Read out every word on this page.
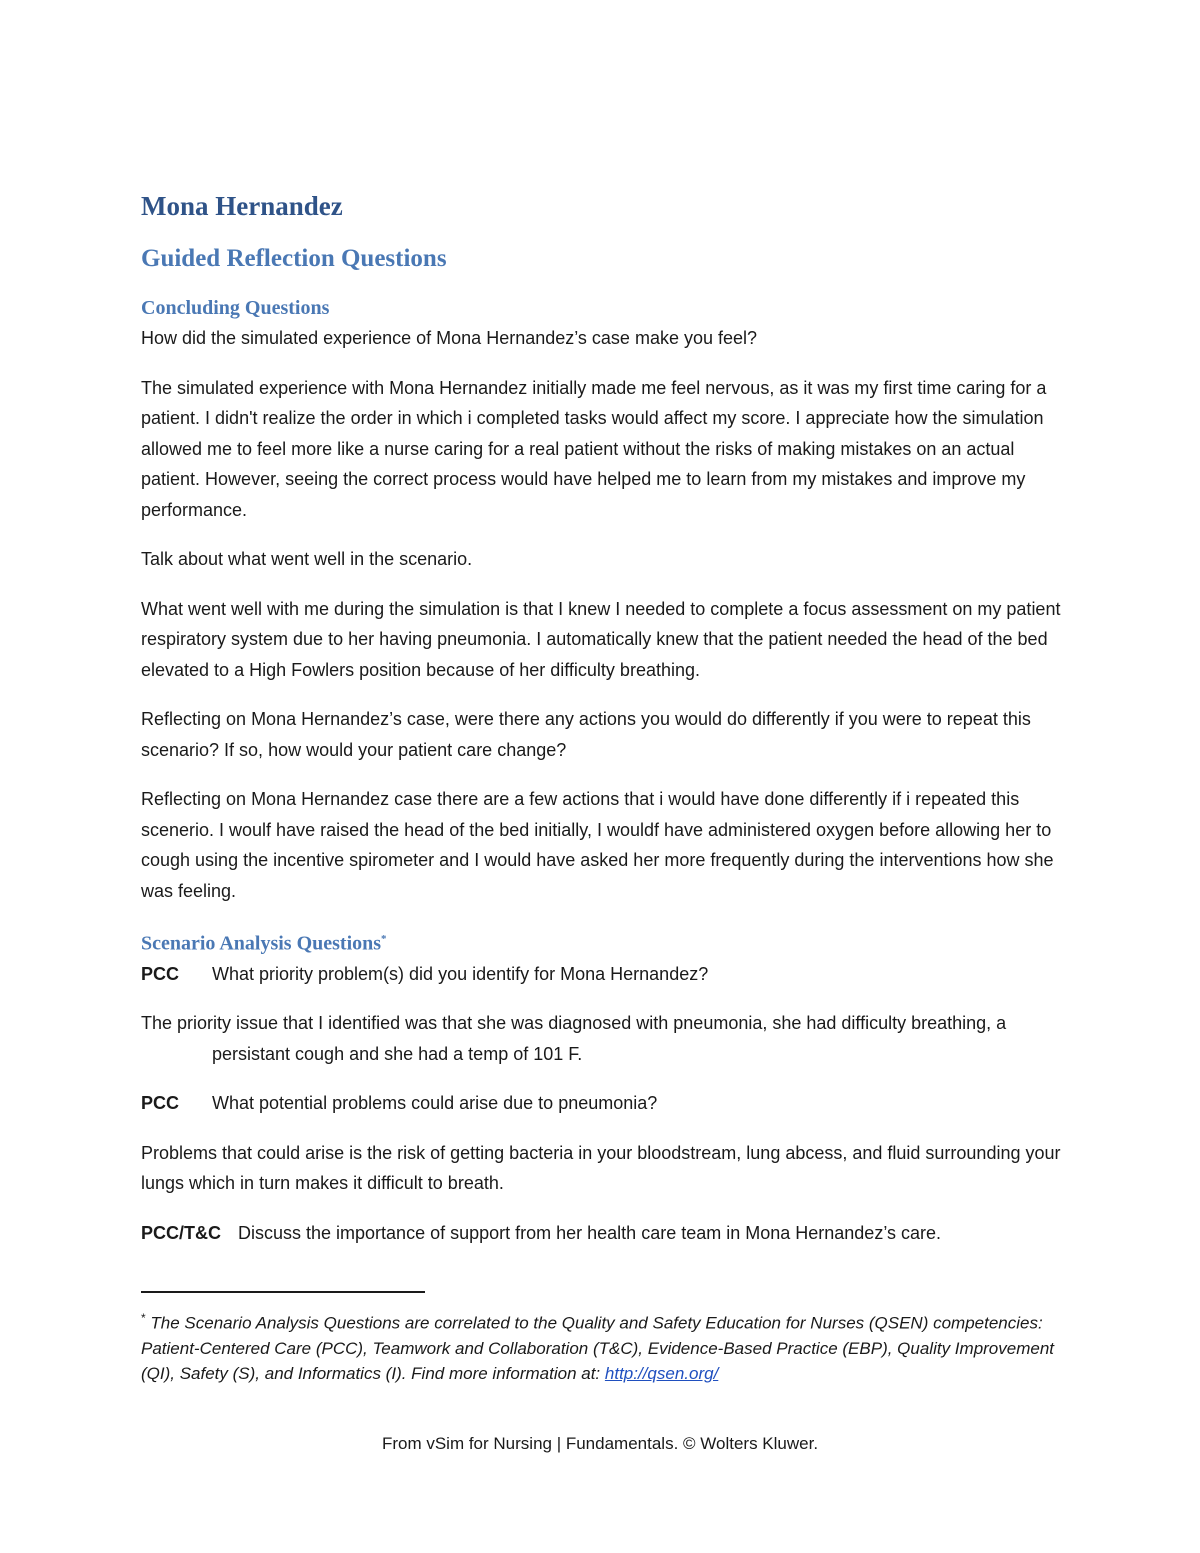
Mona Hernandez
Guided Reflection Questions
Concluding Questions

How did the simulated experience of Mona Hernandez’s case make you feel?

The simulated experience with Mona Hernandez initially made me feel nervous, as it was my first time caring for a patient. I didn't realize the order in which i completed tasks would affect my score. I appreciate how the simulation allowed me to feel more like a nurse caring for a real patient without the risks of making mistakes on an actual patient. However, seeing the correct process would have helped me to learn from my mistakes and improve my performance.

Talk about what went well in the scenario.

What went well with me during the simulation is that I knew I needed to complete a focus assessment on my patient respiratory system due to her having pneumonia. I automatically knew that the patient needed the head of the bed elevated to a High Fowlers position because of her difficulty breathing.

Reflecting on Mona Hernandez’s case, were there any actions you would do differently if you were to repeat this scenario? If so, how would your patient care change?

Reflecting on Mona Hernandez case there are a few actions that i would have done differently if i repeated this scenerio. I woulf have raised the head of the bed initially, I wouldf have administered oxygen before allowing her to cough using the incentive spirometer and I would have asked her more frequently during the interventions how she was feeling.

Scenario Analysis Questions*
PCC	What priority problem(s) did you identify for Mona Hernandez?

The priority issue that I identified was that she was diagnosed with pneumonia, she had difficulty breathing, a persistant cough and she had a temp of 101 F.

PCC	What potential problems could arise due to pneumonia?

Problems that could arise is the risk of getting bacteria in your bloodstream, lung abcess, and fluid surrounding your lungs which in turn makes it difficult to breath.

PCC/T&C Discuss the importance of support from her health care team in Mona Hernandez’s care.
* The Scenario Analysis Questions are correlated to the Quality and Safety Education for Nurses (QSEN) competencies: Patient-Centered Care (PCC), Teamwork and Collaboration (T&C), Evidence-Based Practice (EBP), Quality Improvement (QI), Safety (S), and Informatics (I). Find more information at: http://qsen.org/
From vSim for Nursing | Fundamentals. © Wolters Kluwer.
